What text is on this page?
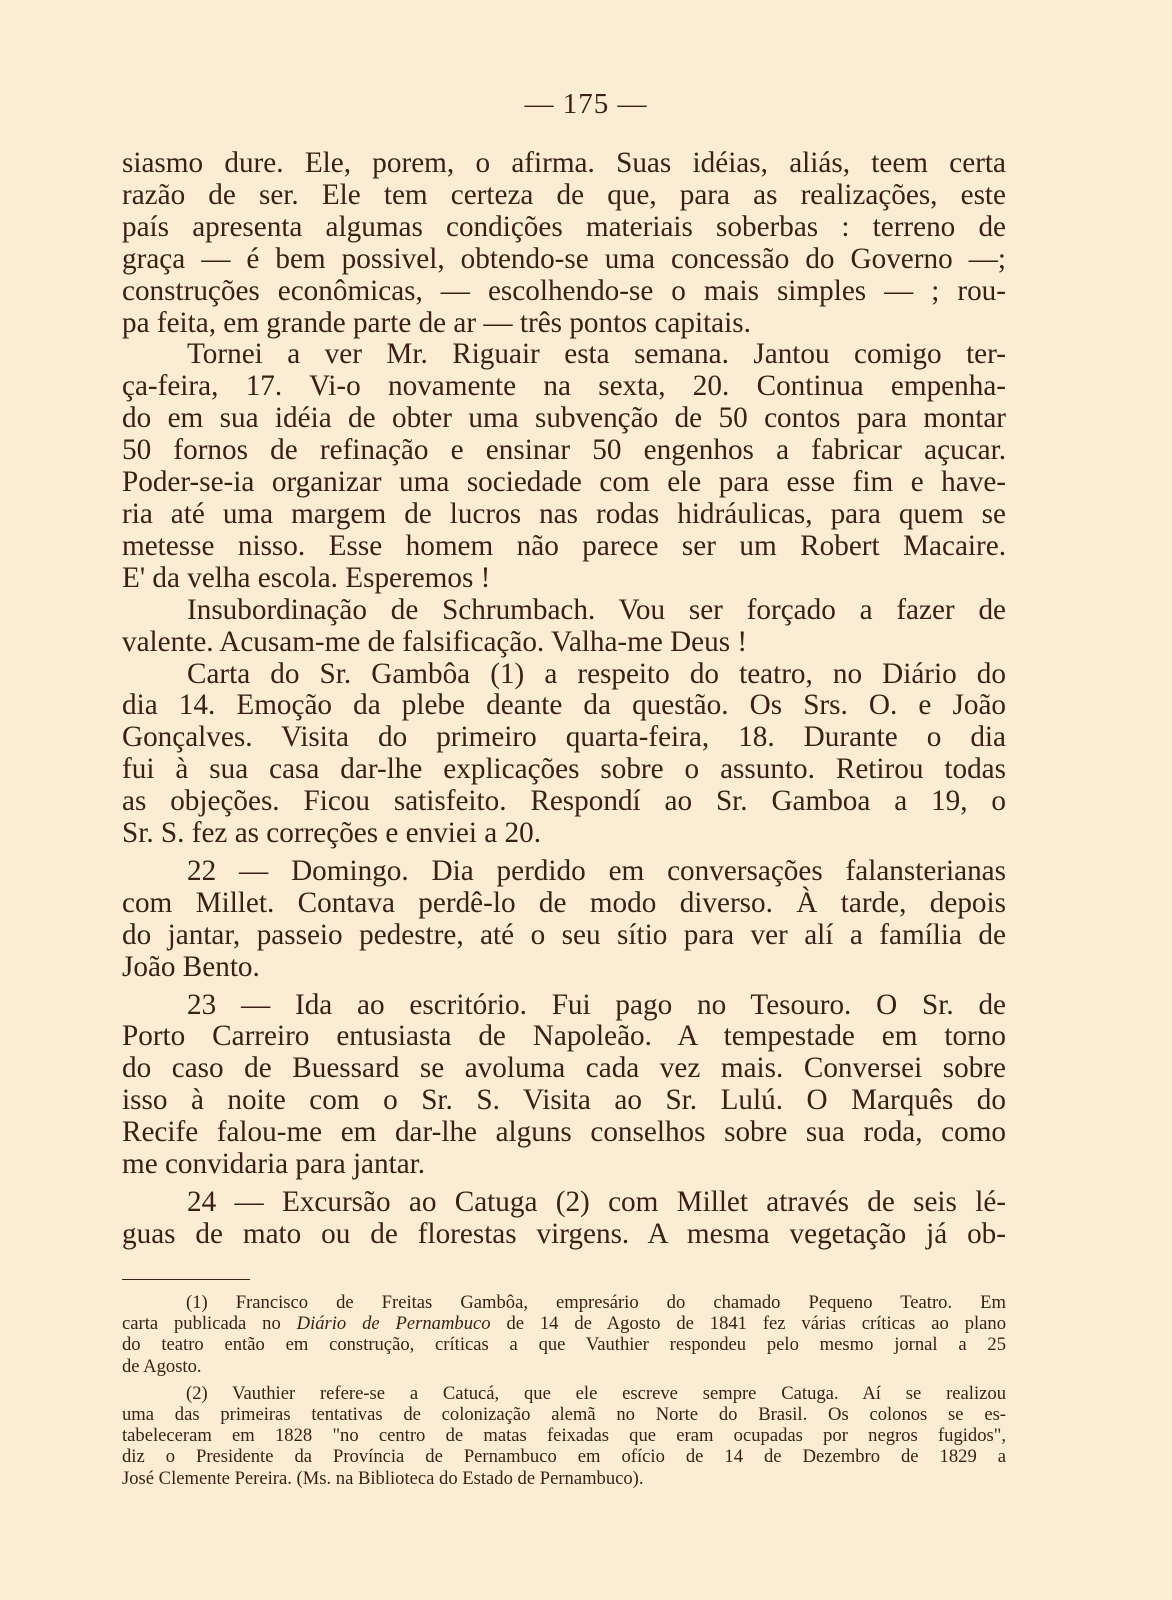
— 175 —
siasmo dure. Ele, porem, o afirma. Suas idéias, aliás, teem certa
razão de ser. Ele tem certeza de que, para as realizações, este
país apresenta algumas condições materiais soberbas : terreno de
graça — é bem possivel, obtendo-se uma concessão do Governo —;
construções econômicas, — escolhendo-se o mais simples — ; rou-
pa feita, em grande parte de ar — três pontos capitais.
Tornei a ver Mr. Riguair esta semana. Jantou comigo ter-
ça-feira, 17. Vi-o novamente na sexta, 20. Continua empenha-
do em sua idéia de obter uma subvenção de 50 contos para montar
50 fornos de refinação e ensinar 50 engenhos a fabricar açucar.
Poder-se-ia organizar uma sociedade com ele para esse fim e have-
ria até uma margem de lucros nas rodas hidráulicas, para quem se
metesse nisso. Esse homem não parece ser um Robert Macaire.
E' da velha escola. Esperemos !
Insubordinação de Schrumbach. Vou ser forçado a fazer de
valente. Acusam-me de falsificação. Valha-me Deus !
Carta do Sr. Gambôa (1) a respeito do teatro, no Diário do
dia 14. Emoção da plebe deante da questão. Os Srs. O. e João
Gonçalves. Visita do primeiro quarta-feira, 18. Durante o dia
fui à sua casa dar-lhe explicações sobre o assunto. Retirou todas
as objeções. Ficou satisfeito. Respondí ao Sr. Gamboa a 19, o
Sr. S. fez as correções e enviei a 20.
22 — Domingo. Dia perdido em conversações falansterianas
com Millet. Contava perdê-lo de modo diverso. À tarde, depois
do jantar, passeio pedestre, até o seu sítio para ver alí a família de
João Bento.
23 — Ida ao escritório. Fui pago no Tesouro. O Sr. de
Porto Carreiro entusiasta de Napoleão. A tempestade em torno
do caso de Buessard se avoluma cada vez mais. Conversei sobre
isso à noite com o Sr. S. Visita ao Sr. Lulú. O Marquês do
Recife falou-me em dar-lhe alguns conselhos sobre sua roda, como
me convidaria para jantar.
24 — Excursão ao Catuga (2) com Millet através de seis lé-
guas de mato ou de florestas virgens. A mesma vegetação já ob-
(1) Francisco de Freitas Gambôa, empresário do chamado Pequeno Teatro. Em
carta publicada no Diário de Pernambuco de 14 de Agosto de 1841 fez várias críticas ao plano
do teatro então em construção, críticas a que Vauthier respondeu pelo mesmo jornal a 25
de Agosto.
(2) Vauthier refere-se a Catucá, que ele escreve sempre Catuga. Aí se realizou
uma das primeiras tentativas de colonização alemã no Norte do Brasil. Os colonos se es-
tabeleceram em 1828 "no centro de matas feixadas que eram ocupadas por negros fugidos",
diz o Presidente da Província de Pernambuco em ofício de 14 de Dezembro de 1829 a
José Clemente Pereira. (Ms. na Biblioteca do Estado de Pernambuco).
